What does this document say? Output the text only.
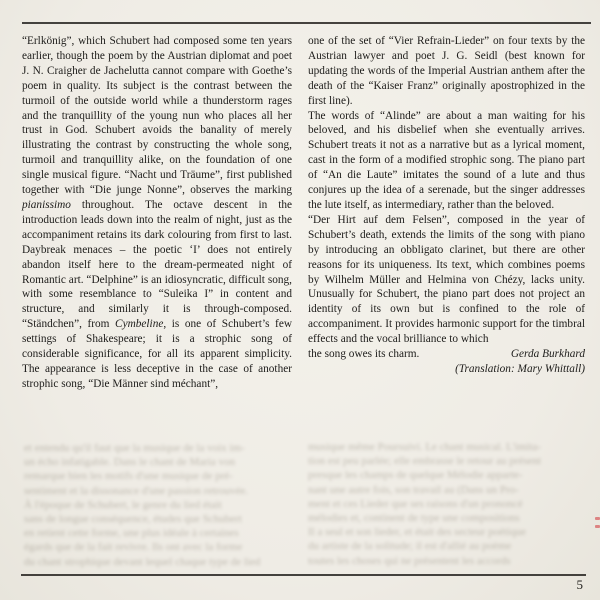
“Erlkönig”, which Schubert had composed some ten years earlier, though the poem by the Austrian diplomat and poet J. N. Craigher de Jachelutta cannot compare with Goethe’s poem in quality. Its subject is the contrast between the turmoil of the outside world while a thunderstorm rages and the tranquillity of the young nun who places all her trust in God. Schubert avoids the banality of merely illustrating the contrast by constructing the whole song, turmoil and tranquillity alike, on the foundation of one single musical figure. “Nacht und Träume”, first published together with “Die junge Nonne”, observes the marking pianissimo throughout. The octave descent in the introduction leads down into the realm of night, just as the accompaniment retains its dark colouring from first to last. Daybreak menaces – the poetic ‘I’ does not entirely abandon itself here to the dream-permeated night of Romantic art. “Delphine” is an idiosyncratic, difficult song, with some resemblance to “Suleika I” in content and structure, and similarly it is through-composed. “Ständchen”, from Cymbeline, is one of Schubert’s few settings of Shakespeare; it is a strophic song of considerable significance, for all its apparent simplicity. The appearance is less deceptive in the case of another strophic song, “Die Männer sind méchant”,

one of the set of “Vier Refrain-Lieder” on four texts by the Austrian lawyer and poet J. G. Seidl (best known for updating the words of the Imperial Austrian anthem after the death of the “Kaiser Franz” originally apostrophized in the first line).

The words of “Alinde” are about a man waiting for his beloved, and his disbelief when she eventually arrives. Schubert treats it not as a narrative but as a lyrical moment, cast in the form of a modified strophic song. The piano part of “An die Laute” imitates the sound of a lute and thus conjures up the idea of a serenade, but the singer addresses the lute itself, as intermediary, rather than the beloved.

“Der Hirt auf dem Felsen”, composed in the year of Schubert’s death, extends the limits of the song with piano by introducing an obbligato clarinet, but there are other reasons for its uniqueness. Its text, which combines poems by Wilhelm Müller and Helmina von Chézy, lacks unity. Unusually for Schubert, the piano part does not project an identity of its own but is confined to the role of accompaniment. It provides harmonic support for the timbral effects and the vocal brilliance to which

the song owes its charm.	Gerda Burkhard
(Translation: Mary Whittall)
et entendu qu'il faut que la musique de la voix im-
un écho infatigable. Dans le chant de Maria von
remarque bien les motifs d'une musique de pré-
sentiment et la dissonance d'une passion retrouvée.
À l'époque de Schubert, le genre du lied était
sans de longue conséquence, études que Schubert
en retient cette forme, une plus idéale à certaines
égards que de la fait revivre. Ils ont avec la forme
du chant strophique devant lequel chaque type de lied
musique même Poursuivi. Le chant musical. L'imita-
tion est peu parlée; elle embrasse le retour au présent
presque les champs de quelque Mélodie apparte-
nant une autre fois, son travail au (Dans un Pro-
ment et ces Lieder que ses raisons d'un prononcé
mélodies et, continent de type une compositions
Il a seul et son lieder, et était des secteur poétique
du artiste de la solitude; il est d'allié au poème
toutes les choses qui ne présentent les accords
5
